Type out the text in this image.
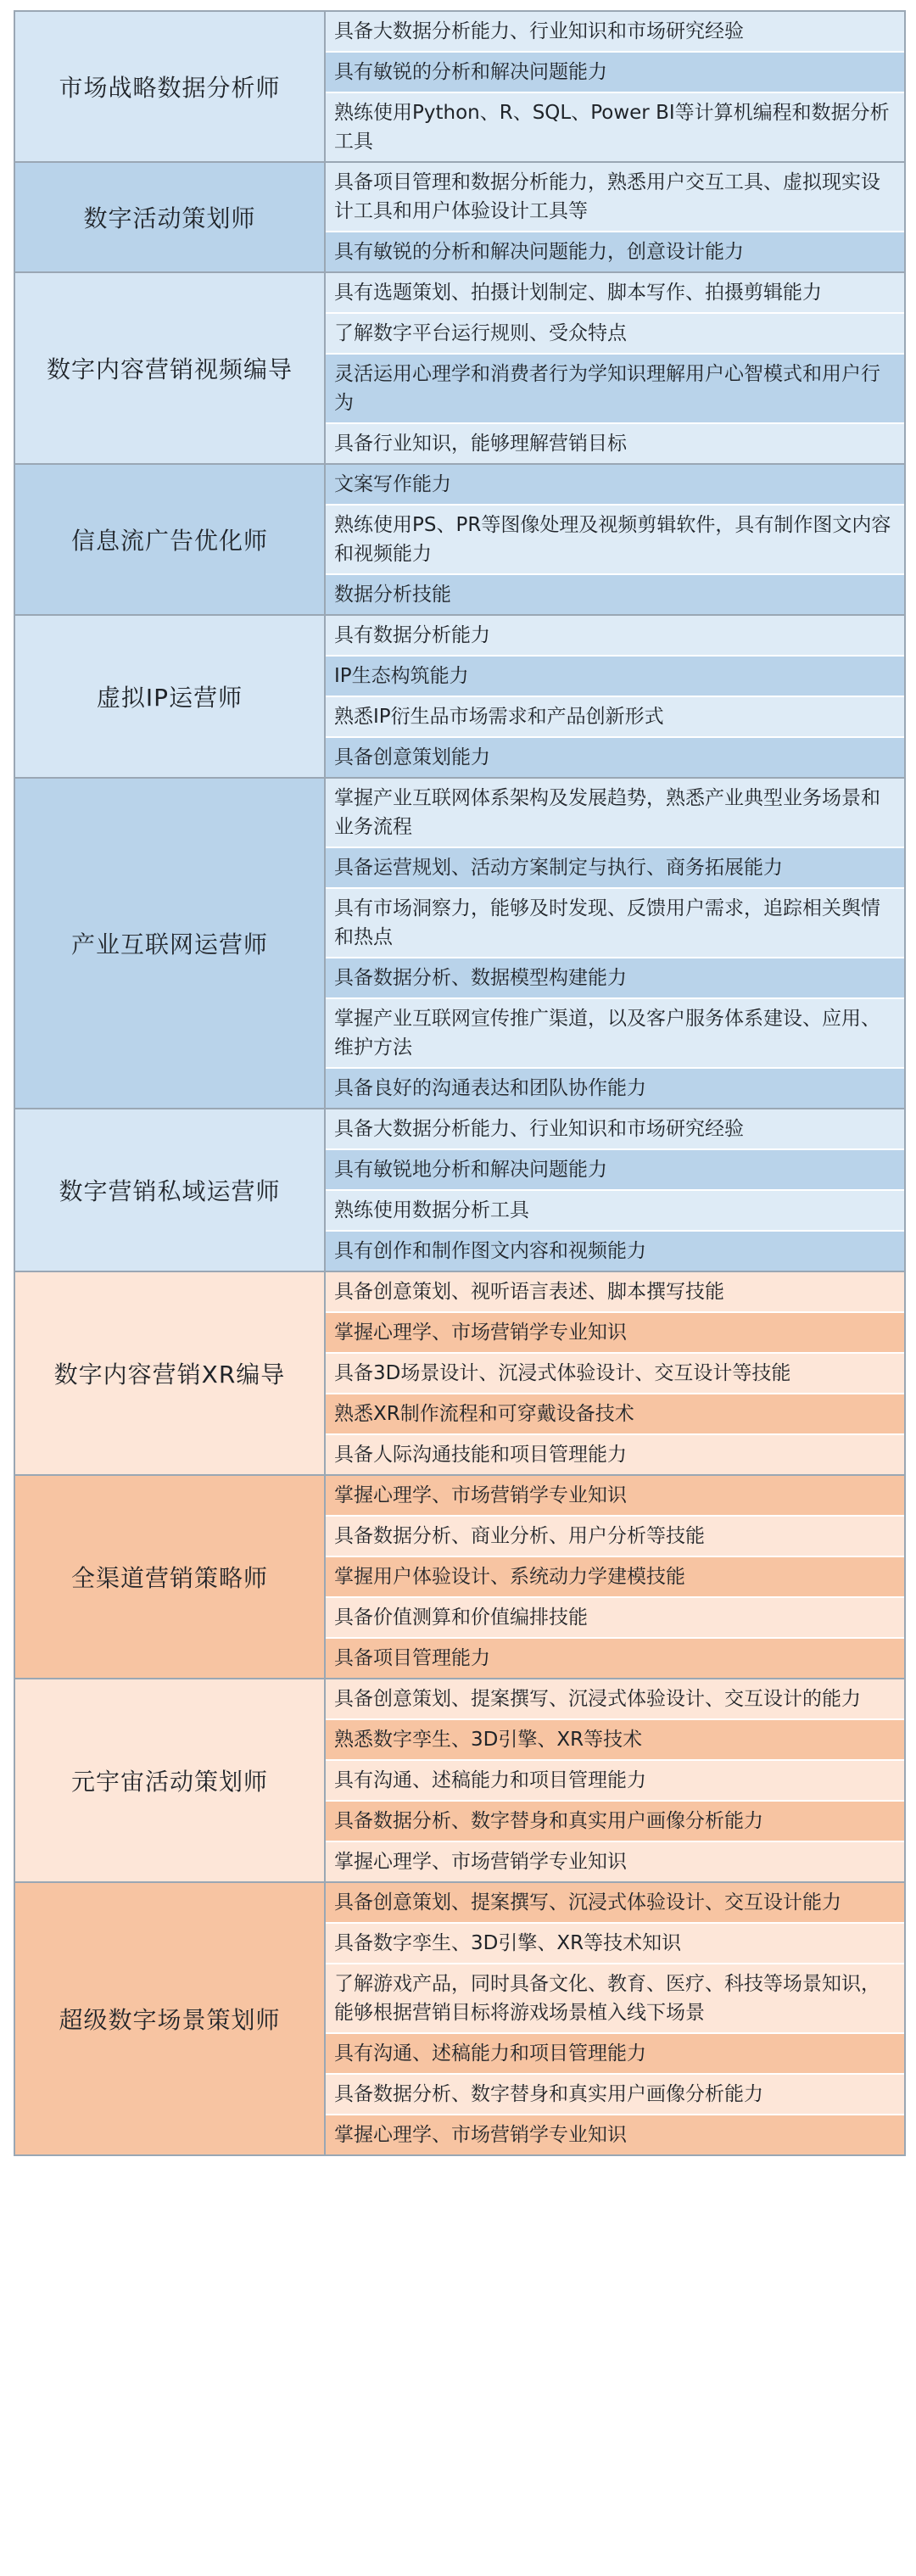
市场战略数据分析师
具备大数据分析能力、行业知识和市场研究经验
具有敏锐的分析和解决问题能力
熟练使用Python、R、SQL、Power BI等计算机编程和数据分析工具
数字活动策划师
具备项目管理和数据分析能力，熟悉用户交互工具、虚拟现实设计工具和用户体验设计工具等
具有敏锐的分析和解决问题能力，创意设计能力
数字内容营销视频编导
具有选题策划、拍摄计划制定、脚本写作、拍摄剪辑能力
了解数字平台运行规则、受众特点
灵活运用心理学和消费者行为学知识理解用户心智模式和用户行为
具备行业知识，能够理解营销目标
信息流广告优化师
文案写作能力
熟练使用PS、PR等图像处理及视频剪辑软件，具有制作图文内容和视频能力
数据分析技能
虚拟IP运营师
具有数据分析能力
IP生态构筑能力
熟悉IP衍生品市场需求和产品创新形式
具备创意策划能力
产业互联网运营师
掌握产业互联网体系架构及发展趋势，熟悉产业典型业务场景和业务流程
具备运营规划、活动方案制定与执行、商务拓展能力
具有市场洞察力，能够及时发现、反馈用户需求，追踪相关舆情和热点
具备数据分析、数据模型构建能力
掌握产业互联网宣传推广渠道，以及客户服务体系建设、应用、维护方法
具备良好的沟通表达和团队协作能力
数字营销私域运营师
具备大数据分析能力、行业知识和市场研究经验
具有敏锐地分析和解决问题能力
熟练使用数据分析工具
具有创作和制作图文内容和视频能力
数字内容营销XR编导
具备创意策划、视听语言表述、脚本撰写技能
掌握心理学、市场营销学专业知识
具备3D场景设计、沉浸式体验设计、交互设计等技能
熟悉XR制作流程和可穿戴设备技术
具备人际沟通技能和项目管理能力
全渠道营销策略师
掌握心理学、市场营销学专业知识
具备数据分析、商业分析、用户分析等技能
掌握用户体验设计、系统动力学建模技能
具备价值测算和价值编排技能
具备项目管理能力
元宇宙活动策划师
具备创意策划、提案撰写、沉浸式体验设计、交互设计的能力
熟悉数字孪生、3D引擎、XR等技术
具有沟通、述稿能力和项目管理能力
具备数据分析、数字替身和真实用户画像分析能力
掌握心理学、市场营销学专业知识
超级数字场景策划师
具备创意策划、提案撰写、沉浸式体验设计、交互设计能力
具备数字孪生、3D引擎、XR等技术知识
了解游戏产品，同时具备文化、教育、医疗、科技等场景知识，能够根据营销目标将游戏场景植入线下场景
具有沟通、述稿能力和项目管理能力
具备数据分析、数字替身和真实用户画像分析能力
掌握心理学、市场营销学专业知识
